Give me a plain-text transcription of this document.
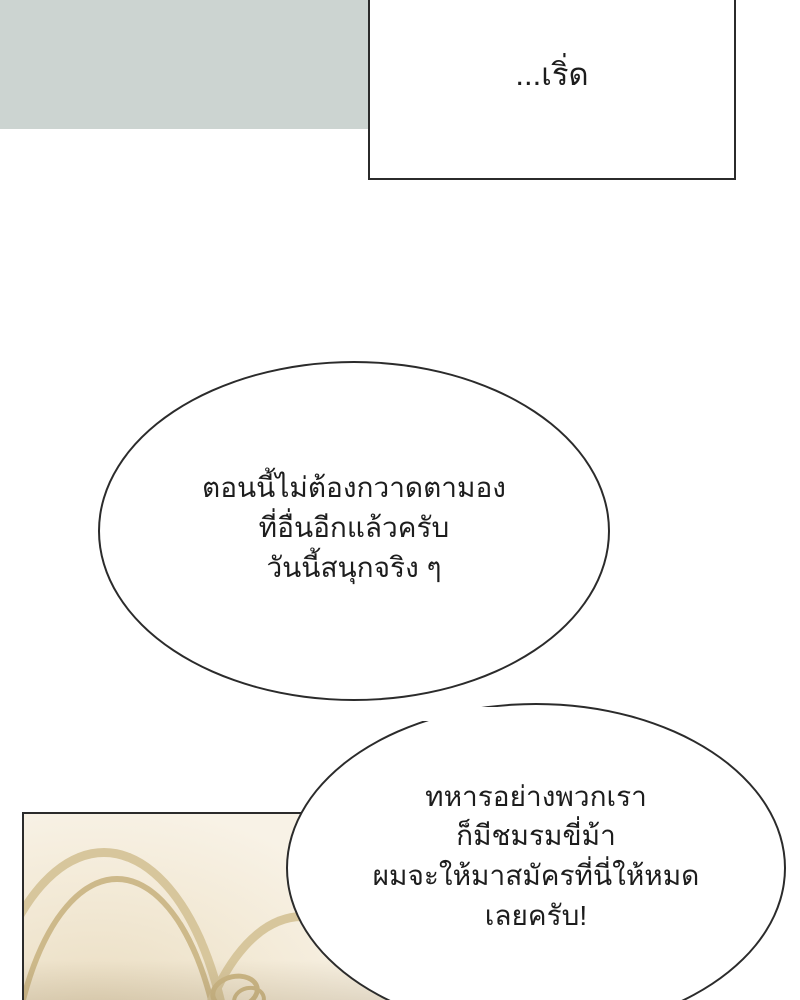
...เริ่ด
ตอนนี้ไม่ต้องกวาดตามอง
ที่อื่นอีกแล้วครับ
วันนี้สนุกจริง ๆ
ทหารอย่างพวกเรา
ก็มีชมรมขี่ม้า
ผมจะให้มาสมัครที่นี่ให้หมด
เลยครับ!
